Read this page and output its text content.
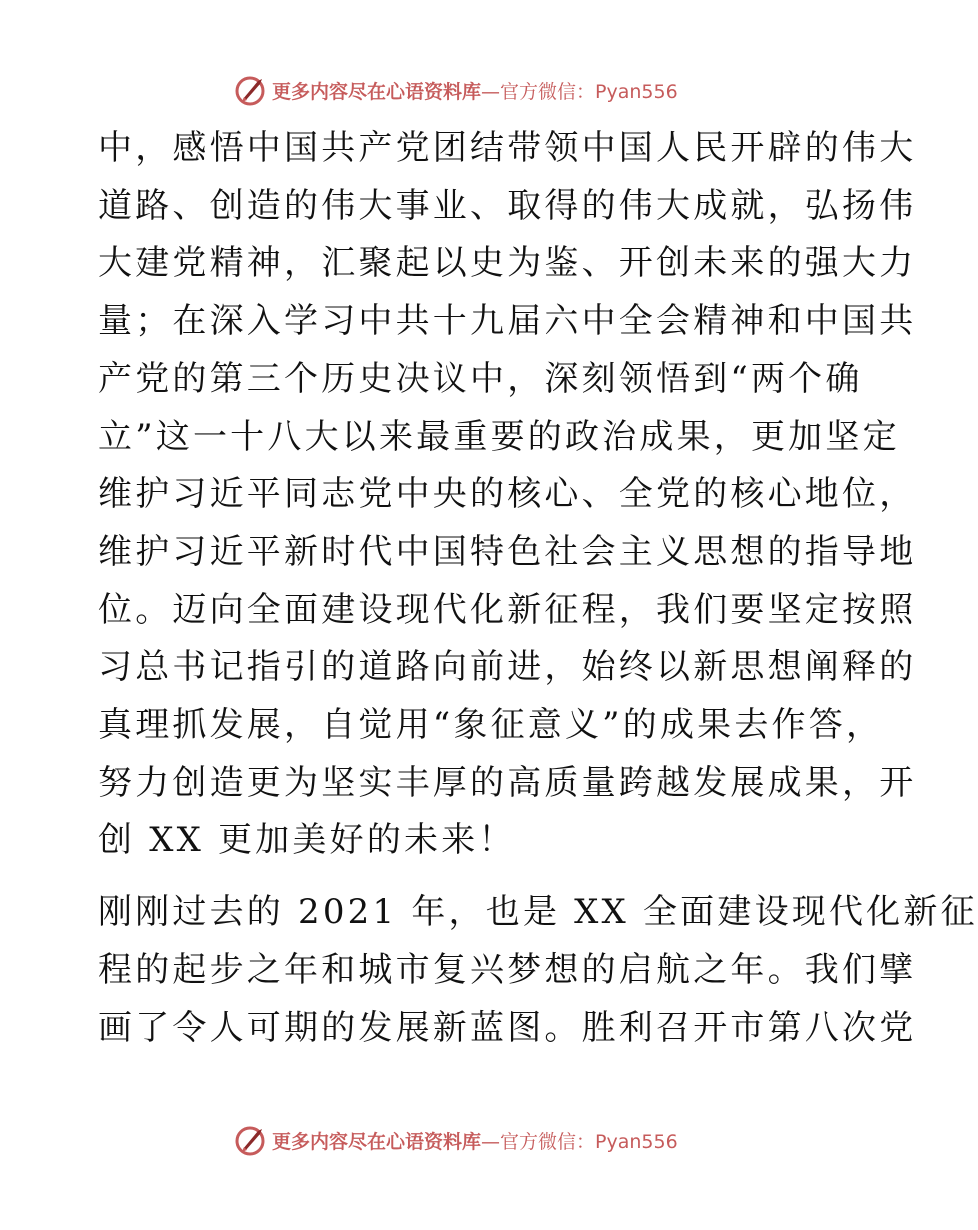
更多内容尽在心语资料库—官方微信：Pyan556

中，感悟中国共产党团结带领中国人民开辟的伟大
道路、创造的伟大事业、取得的伟大成就，弘扬伟
大建党精神，汇聚起以史为鉴、开创未来的强大力
量；在深入学习中共十九届六中全会精神和中国共
产党的第三个历史决议中，深刻领悟到“两个确
立”这一十八大以来最重要的政治成果，更加坚定
维护习近平同志党中央的核心、全党的核心地位，
维护习近平新时代中国特色社会主义思想的指导地
位。迈向全面建设现代化新征程，我们要坚定按照
习总书记指引的道路向前进，始终以新思想阐释的
真理抓发展，自觉用“象征意义”的成果去作答，
努力创造更为坚实丰厚的高质量跨越发展成果，开
创 XX 更加美好的未来！

刚刚过去的 2021 年，也是 XX 全面建设现代化新征
程的起步之年和城市复兴梦想的启航之年。我们擘
画了令人可期的发展新蓝图。胜利召开市第八次党

更多内容尽在心语资料库—官方微信：Pyan556
